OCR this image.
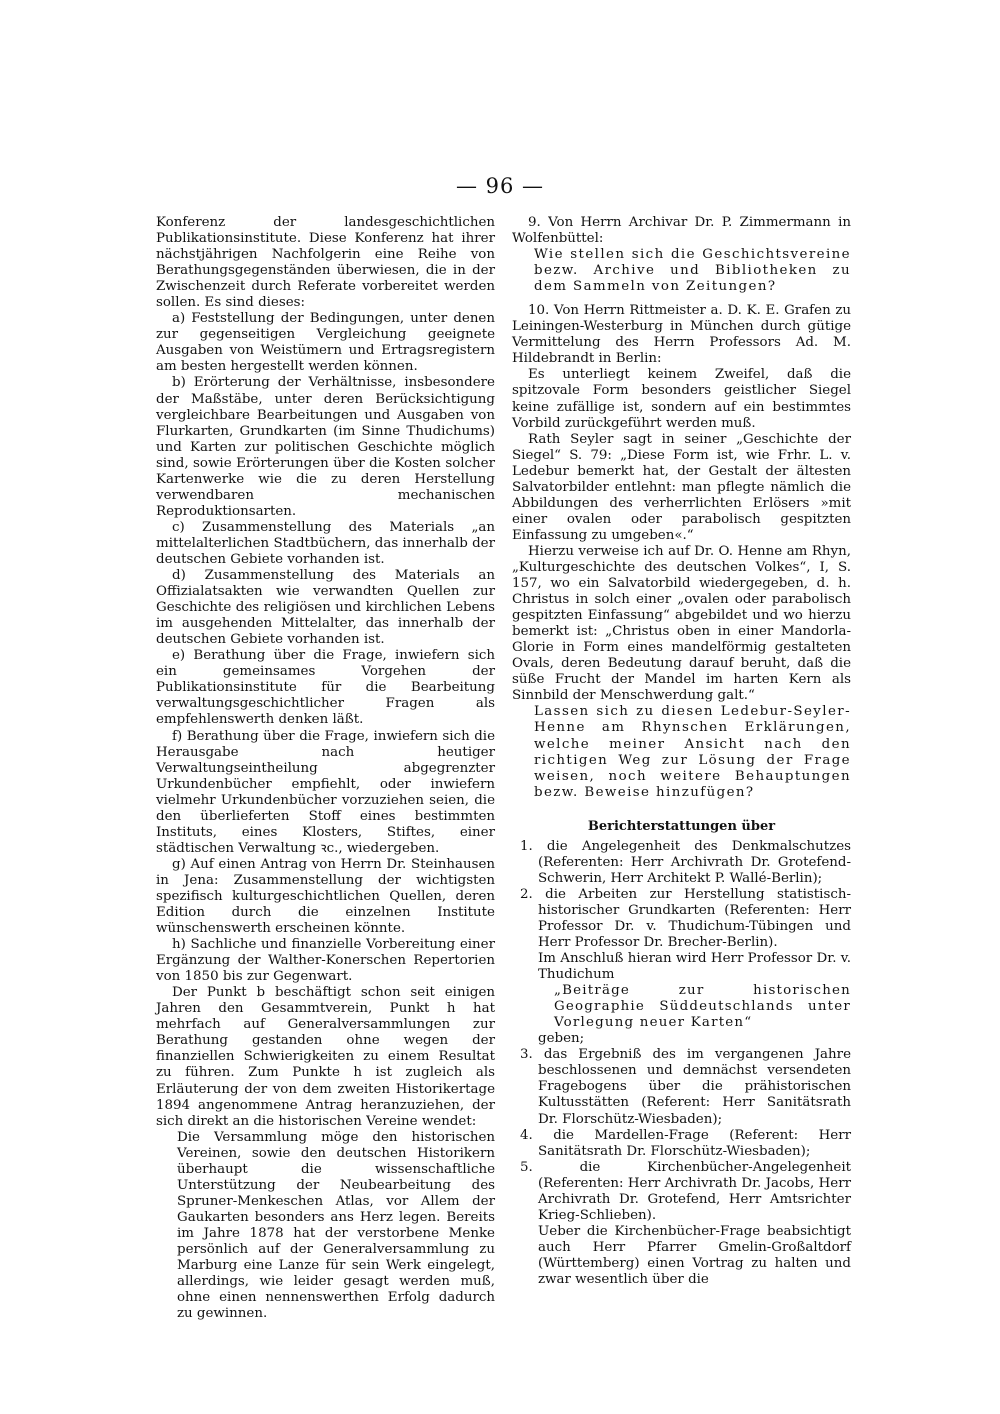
— 96 —

Konferenz der landesgeschichtlichen Publikationsinstitute. Diese Konferenz hat ihrer nächstjährigen Nachfolgerin eine Reihe von Berathungsgegenständen überwiesen, die in der Zwischenzeit durch Referate vorbereitet werden sollen. Es sind dieses:

a) Feststellung der Bedingungen, unter denen zur gegenseitigen Vergleichung geeignete Ausgaben von Weistümern und Ertragsregistern am besten hergestellt werden können.

b) Erörterung der Verhältnisse, insbesondere der Maßstäbe, unter deren Berücksichtigung vergleichbare Bearbeitungen und Ausgaben von Flurkarten, Grundkarten (im Sinne Thudichums) und Karten zur politischen Geschichte möglich sind, sowie Erörterungen über die Kosten solcher Kartenwerke wie die zu deren Herstellung verwendbaren mechanischen Reproduktionsarten.

c) Zusammenstellung des Materials „an mittelalterlichen Stadtbüchern, das innerhalb der deutschen Gebiete vorhanden ist.

d) Zusammenstellung des Materials an Offizialatsakten wie verwandten Quellen zur Geschichte des religiösen und kirchlichen Lebens im ausgehenden Mittelalter, das innerhalb der deutschen Gebiete vorhanden ist.

e) Berathung über die Frage, inwiefern sich ein gemeinsames Vorgehen der Publikationsinstitute für die Bearbeitung verwaltungsgeschichtlicher Fragen als empfehlenswerth denken läßt.

f) Berathung über die Frage, inwiefern sich die Herausgabe nach heutiger Verwaltungseintheilung abgegrenzter Urkundenbücher empfiehlt, oder inwiefern vielmehr Urkundenbücher vorzuziehen seien, die den überlieferten Stoff eines bestimmten Instituts, eines Klosters, Stiftes, einer städtischen Verwaltung ꝛc., wiedergeben.

g) Auf einen Antrag von Herrn Dr. Steinhausen in Jena: Zusammenstellung der wichtigsten spezifisch kulturgeschichtlichen Quellen, deren Edition durch die einzelnen Institute wünschenswerth erscheinen könnte.

h) Sachliche und finanzielle Vorbereitung einer Ergänzung der Walther-Konerschen Repertorien von 1850 bis zur Gegenwart.

Der Punkt b beschäftigt schon seit einigen Jahren den Gesammtverein, Punkt h hat mehrfach auf Generalversammlungen zur Berathung gestanden ohne wegen der finanziellen Schwierigkeiten zu einem Resultat zu führen. Zum Punkte h ist zugleich als Erläuterung der von dem zweiten Historikertage 1894 angenommene Antrag heranzuziehen, der sich direkt an die historischen Vereine wendet:

Die Versammlung möge den historischen Vereinen, sowie den deutschen Historikern überhaupt die wissenschaftliche Unterstützung der Neubearbeitung des Spruner-Menkeschen Atlas, vor Allem der Gaukarten besonders ans Herz legen. Bereits im Jahre 1878 hat der verstorbene Menke persönlich auf der Generalversammlung zu Marburg eine Lanze für sein Werk eingelegt, allerdings, wie leider gesagt werden muß, ohne einen nennenswerthen Erfolg dadurch zu gewinnen.

9. Von Herrn Archivar Dr. P. Zimmermann in Wolfenbüttel:

Wie stellen sich die Geschichtsvereine bezw. Archive und Bibliotheken zu dem Sammeln von Zeitungen?

10. Von Herrn Rittmeister a. D. K. E. Grafen zu Leiningen-Westerburg in München durch gütige Vermittelung des Herrn Professors Ad. M. Hildebrandt in Berlin:

Es unterliegt keinem Zweifel, daß die spitzovale Form besonders geistlicher Siegel keine zufällige ist, sondern auf ein bestimmtes Vorbild zurückgeführt werden muß.

Rath Seyler sagt in seiner „Geschichte der Siegel“ S. 79: „Diese Form ist, wie Frhr. L. v. Ledebur bemerkt hat, der Gestalt der ältesten Salvatorbilder entlehnt: man pflegte nämlich die Abbildungen des verherrlichten Erlösers »mit einer ovalen oder parabolisch gespitzten Einfassung zu umgeben«.“

Hierzu verweise ich auf Dr. O. Henne am Rhyn, „Kulturgeschichte des deutschen Volkes“, I, S. 157, wo ein Salvatorbild wiedergegeben, d. h. Christus in solch einer „ovalen oder parabolisch gespitzten Einfassung“ abgebildet und wo hierzu bemerkt ist: „Christus oben in einer Mandorla-Glorie in Form eines mandelförmig gestalteten Ovals, deren Bedeutung darauf beruht, daß die süße Frucht der Mandel im harten Kern als Sinnbild der Menschwerdung galt.“

Lassen sich zu diesen Ledebur-Seyler-Henne am Rhynschen Erklärungen, welche meiner Ansicht nach den richtigen Weg zur Lösung der Frage weisen, noch weitere Behauptungen bezw. Beweise hinzufügen?

Berichterstattungen über

1. die Angelegenheit des Denkmalschutzes (Referenten: Herr Archivrath Dr. Grotefend-Schwerin, Herr Architekt P. Wallé-Berlin);

2. die Arbeiten zur Herstellung statistisch-historischer Grundkarten (Referenten: Herr Professor Dr. v. Thudichum-Tübingen und Herr Professor Dr. Brecher-Berlin).

Im Anschluß hieran wird Herr Professor Dr. v. Thudichum

„Beiträge zur historischen Geographie Süddeutschlands unter Vorlegung neuer Karten“

geben;

3. das Ergebniß des im vergangenen Jahre beschlossenen und demnächst versendeten Fragebogens über die prähistorischen Kultusstätten (Referent: Herr Sanitätsrath Dr. Florschütz-Wiesbaden);

4. die Mardellen-Frage (Referent: Herr Sanitätsrath Dr. Florschütz-Wiesbaden);

5. die Kirchenbücher-Angelegenheit (Referenten: Herr Archivrath Dr. Jacobs, Herr Archivrath Dr. Grotefend, Herr Amtsrichter Krieg-Schlieben).

Ueber die Kirchenbücher-Frage beabsichtigt auch Herr Pfarrer Gmelin-Großaltdorf (Württemberg) einen Vortrag zu halten und zwar wesentlich über die
